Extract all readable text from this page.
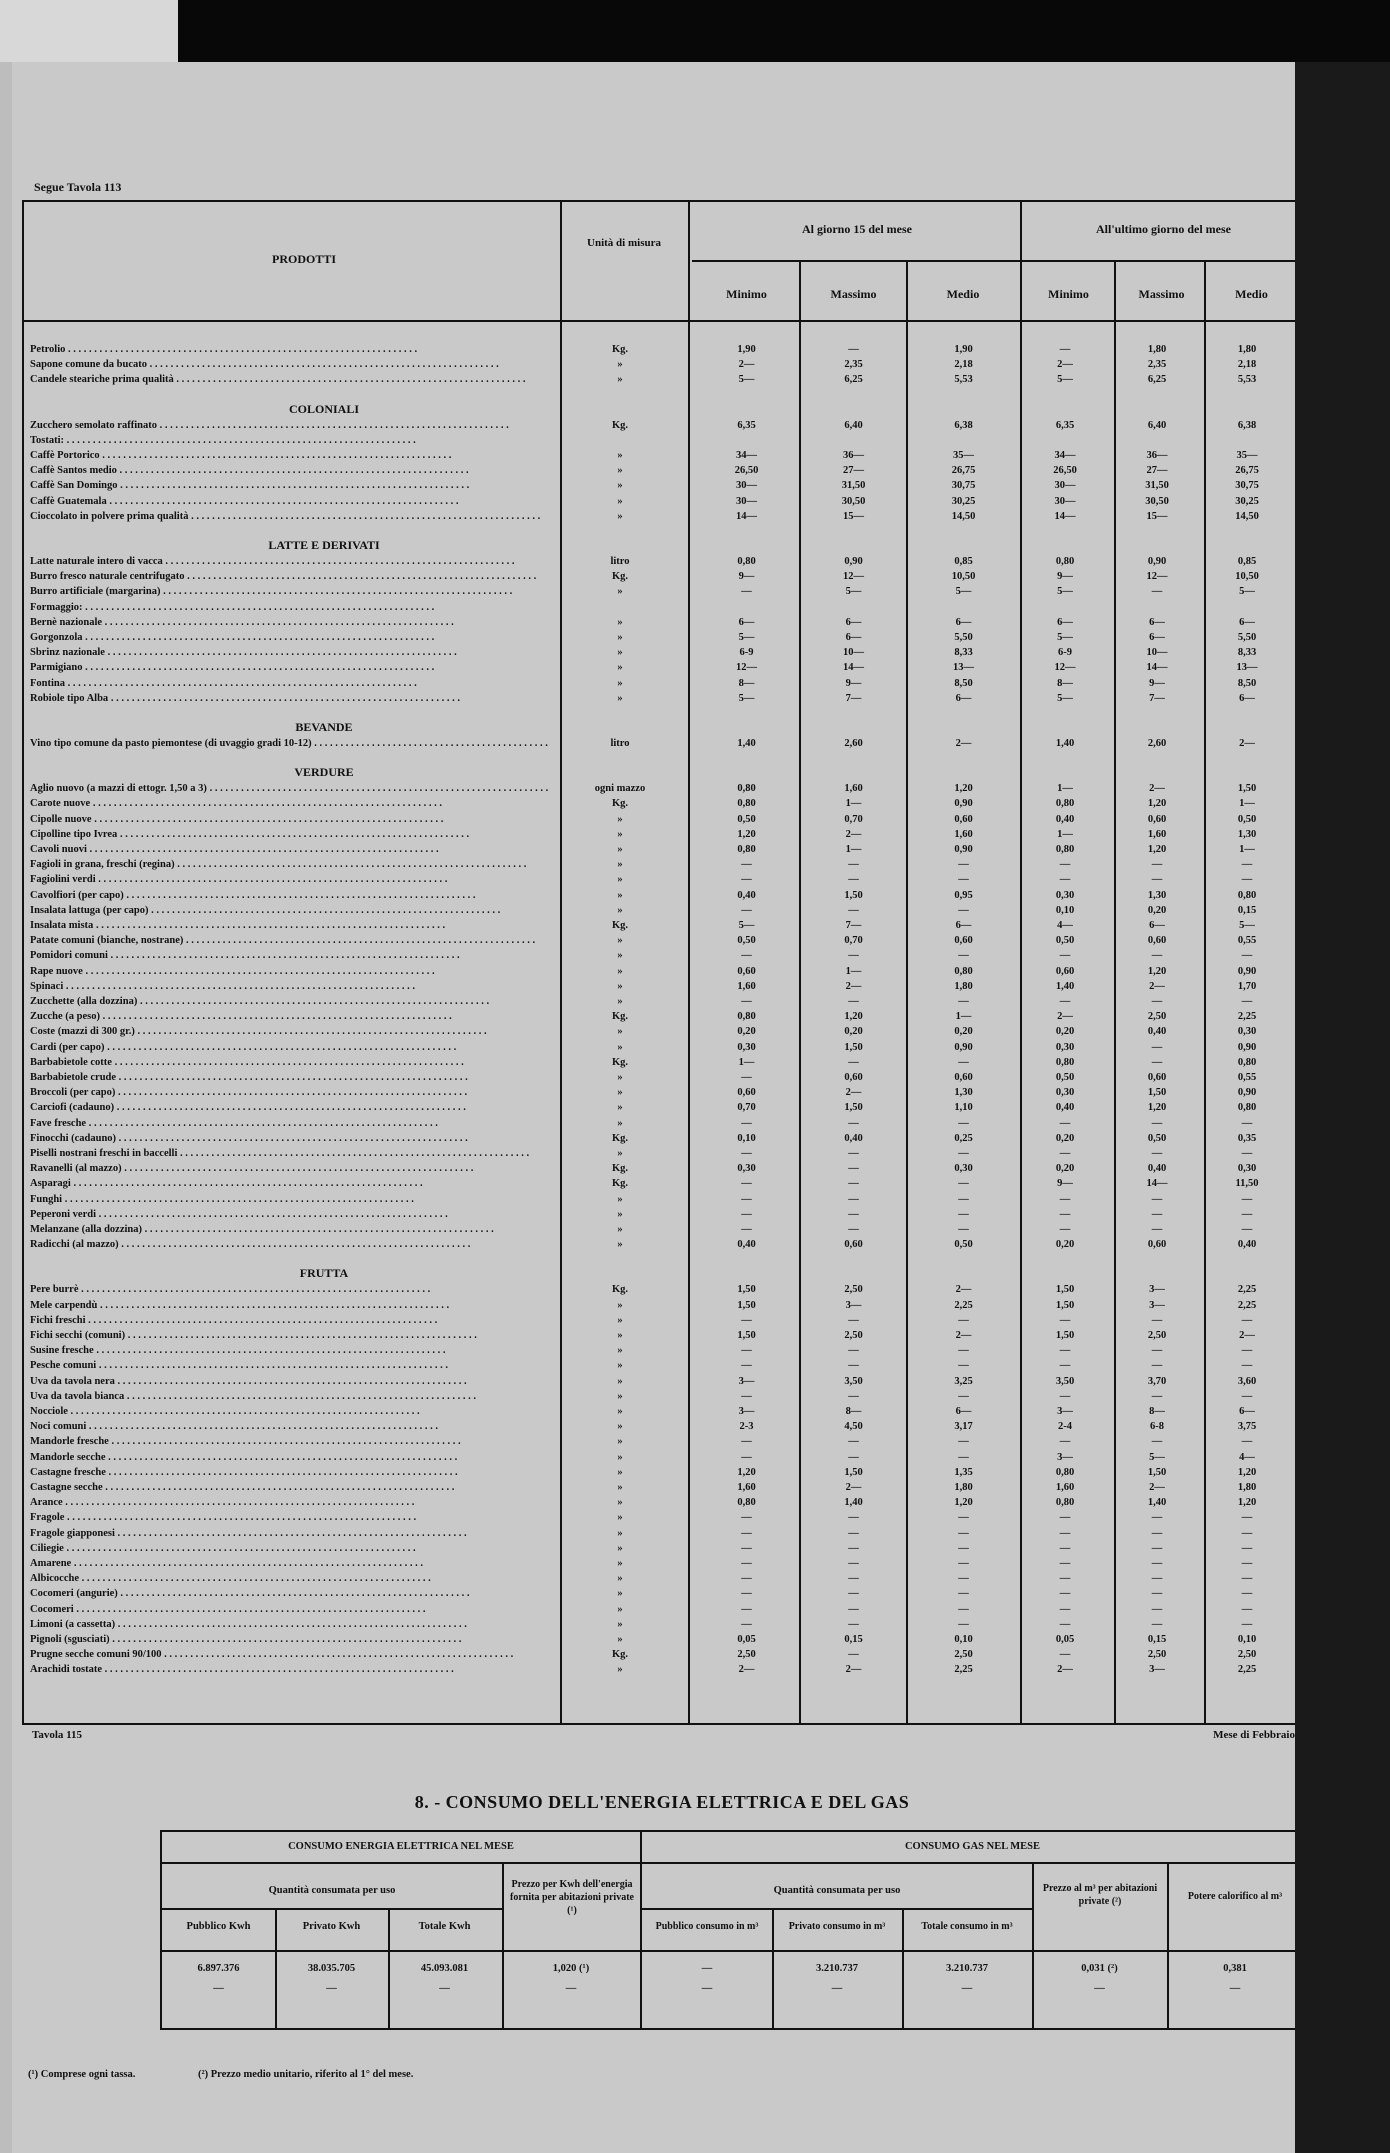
Segue Tavola 113
PRODOTTI
Unità di misura
Al giorno 15 del mese	All'ultimo giorno del mese
Minimo	Massimo	Medio	Minimo	Massimo	Medio
Petrolio . . .	Kg.	1,90	—	1,90	—	1,80	1,80
Sapone comune da bucato . . .	»	2—	2,35	2,18	2—	2,35	2,18
Candele steariche prima qualità . . .	»	5—	6,25	5,53	5—	6,25	5,53
COLONIALI
Zucchero semolato raffinato . . .	Kg.	6,35	6,40	6,38	6,35	6,40	6,38
Tostati: . . .
Caffè Portorico . . .	»	34—	36—	35—	34—	36—	35—
Caffè Santos medio . . .	»	26,50	27—	26,75	26,50	27—	26,75
Caffè San Domingo . . .	»	30—	31,50	30,75	30—	31,50	30,75
Caffè Guatemala . . .	»	30—	30,50	30,25	30—	30,50	30,25
Cioccolato in polvere prima qualità . . .	»	14—	15—	14,50	14—	15—	14,50
LATTE E DERIVATI
Latte naturale intero di vacca . . .	litro	0,80	0,90	0,85	0,80	0,90	0,85
Burro fresco naturale centrifugato . . .	Kg.	9—	12—	10,50	9—	12—	10,50
Burro artificiale (margarina) . . .	»	—	5—	5—	5—	—	5—
Formaggio: . . .
Bernè nazionale . . .	»	6—	6—	6—	6—	6—	6—
Gorgonzola . . .	»	5—	6—	5,50	5—	6—	5,50
Sbrinz nazionale . . .	»	6-9	10—	8,33	6-9	10—	8,33
Parmigiano . . .	»	12—	14—	13—	12—	14—	13—
Fontina . . .	»	8—	9—	8,50	8—	9—	8,50
Robiole tipo Alba . . .	»	5—	7—	6—	5—	7—	6—
BEVANDE
Vino tipo comune da pasto piemontese (di uvaggio gradi 10-12) . . .	litro	1,40	2,60	2—	1,40	2,60	2—
VERDURE
Aglio nuovo (a mazzi di ettogr. 1,50 a 3) . . .	ogni mazzo	0,80	1,60	1,20	1—	2—	1,50
Carote nuove . . .	Kg.	0,80	1—	0,90	0,80	1,20	1—
Cipolle nuove . . .	»	0,50	0,70	0,60	0,40	0,60	0,50
Cipolline tipo Ivrea . . .	»	1,20	2—	1,60	1—	1,60	1,30
Cavoli nuovi . . .	»	0,80	1—	0,90	0,80	1,20	1—
Fagioli in grana, freschi (regina) . . .	»	—	—	—	—	—	—
Fagiolini verdi . . .	»	—	—	—	—	—	—
Cavolfiori (per capo) . . .	»	0,40	1,50	0,95	0,30	1,30	0,80
Insalata lattuga (per capo) . . .	»	—	—	—	0,10	0,20	0,15
Insalata mista . . .	Kg.	5—	7—	6—	4—	6—	5—
Patate comuni (bianche, nostrane) . . .	»	0,50	0,70	0,60	0,50	0,60	0,55
Pomidori comuni . . .	»	—	—	—	—	—	—
Rape nuove . . .	»	0,60	1—	0,80	0,60	1,20	0,90
Spinaci . . .	»	1,60	2—	1,80	1,40	2—	1,70
Zucchette (alla dozzina) . . .	»	—	—	—	—	—	—
Zucche (a peso) . . .	Kg.	0,80	1,20	1—	2—	2,50	2,25
Coste (mazzi di 300 gr.) . . .	»	0,20	0,20	0,20	0,20	0,40	0,30
Cardi (per capo) . . .	»	0,30	1,50	0,90	0,30	—	0,90
Barbabietole cotte . . .	Kg.	1—	—	—	0,80	—	0,80
Barbabietole crude . . .	»	—	0,60	0,60	0,50	0,60	0,55
Broccoli (per capo) . . .	»	0,60	2—	1,30	0,30	1,50	0,90
Carciofi (cadauno) . . .	»	0,70	1,50	1,10	0,40	1,20	0,80
Fave fresche . . .	»	—	—	—	—	—	—
Finocchi (cadauno) . . .	Kg.	0,10	0,40	0,25	0,20	0,50	0,35
Piselli nostrani freschi in baccelli . . .	»	—	—	—	—	—	—
Ravanelli (al mazzo) . . .	Kg.	0,30	—	0,30	0,20	0,40	0,30
Asparagi . . .	Kg.	—	—	—	9—	14—	11,50
Funghi . . .	»	—	—	—	—	—	—
Peperoni verdi . . .	»	—	—	—	—	—	—
Melanzane (alla dozzina) . . .	»	—	—	—	—	—	—
Radicchi (al mazzo) . . .	»	0,40	0,60	0,50	0,20	0,60	0,40
FRUTTA
Pere burrè . . .	Kg.	1,50	2,50	2—	1,50	3—	2,25
Mele carpendù . . .	»	1,50	3—	2,25	1,50	3—	2,25
Fichi freschi . . .	»	—	—	—	—	—	—
Fichi secchi (comuni) . . .	»	1,50	2,50	2—	1,50	2,50	2—
Susine fresche . . .	»	—	—	—	—	—	—
Pesche comuni . . .	»	—	—	—	—	—	—
Uva da tavola nera . . .	»	3—	3,50	3,25	3,50	3,70	3,60
Uva da tavola bianca . . .	»	—	—	—	—	—	—
Nocciole . . .	»	3—	8—	6—	3—	8—	6—
Noci comuni . . .	»	2-3	4,50	3,17	2-4	6-8	3,75
Mandorle fresche . . .	»	—	—	—	—	—	—
Mandorle secche . . .	»	—	—	—	3—	5—	4—
Castagne fresche . . .	»	1,20	1,50	1,35	0,80	1,50	1,20
Castagne secche . . .	»	1,60	2—	1,80	1,60	2—	1,80
Arance . . .	»	0,80	1,40	1,20	0,80	1,40	1,20
Fragole . . .	»	—	—	—	—	—	—
Fragole giapponesi . . .	»	—	—	—	—	—	—
Ciliegie . . .	»	—	—	—	—	—	—
Amarene . . .	»	—	—	—	—	—	—
Albicocche . . .	»	—	—	—	—	—	—
Cocomeri (angurie) . . .	»	—	—	—	—	—	—
Cocomeri . . .	»	—	—	—	—	—	—
Limoni (a cassetta) . . .	»	—	—	—	—	—	—
Pignoli (sgusciati) . . .	»	0,05	0,15	0,10	0,05	0,15	0,10
Prugne secche comuni 90/100 . . .	Kg.	2,50	—	2,50	—	2,50	2,50
Arachidi tostate . . .	»	2—	2—	2,25	2—	3—	2,25
Tavola 115	Mese di Febbraio
8. - CONSUMO DELL'ENERGIA ELETTRICA E DEL GAS
CONSUMO ENERGIA ELETTRICA NEL MESE	CONSUMO GAS NEL MESE
Quantità consumata per uso
Prezzo per Kwh dell'energia fornita per abitazioni private (¹)
Pubblico Kwh	Privato Kwh	Totale Kwh
6.897.376	38.035.705	45.093.081	1,020 (¹)
—	—	—	—
Quantità consumata per uso	Prezzo al m³ per abitazioni private (²)	Potere calorifico al m³
Pubblico consumo in m³	Privato consumo in m³	Totale consumo in m³
—	3.210.737	3.210.737	0,031 (²)	0,381
—	—	—	—	—
(¹) Comprese ogni tassa.	(²) Prezzo medio unitario, riferito al 1° del mese.
